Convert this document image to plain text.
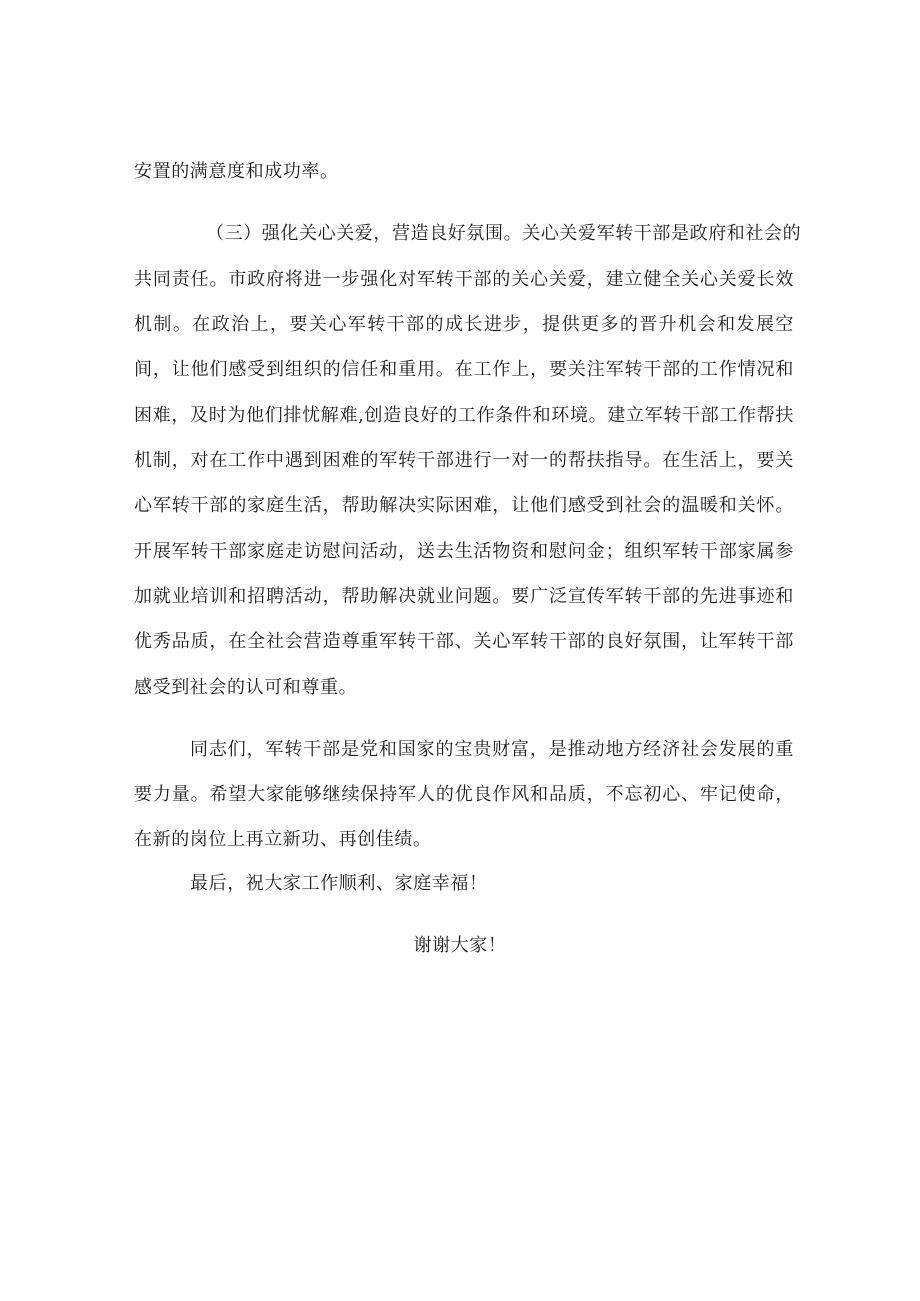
安置的满意度和成功率。
（三）强化关心关爱，营造良好氛围。关心关爱军转干部是政府和社会的
共同责任。市政府将进一步强化对军转干部的关心关爱，建立健全关心关爱长效
机制。在政治上，要关心军转干部的成长进步，提供更多的晋升机会和发展空
间，让他们感受到组织的信任和重用。在工作上，要关注军转干部的工作情况和
困难，及时为他们排忧解难,创造良好的工作条件和环境。建立军转干部工作帮扶
机制，对在工作中遇到困难的军转干部进行一对一的帮扶指导。在生活上，要关
心军转干部的家庭生活，帮助解决实际困难，让他们感受到社会的温暖和关怀。
开展军转干部家庭走访慰问活动，送去生活物资和慰问金；组织军转干部家属参
加就业培训和招聘活动，帮助解决就业问题。要广泛宣传军转干部的先进事迹和
优秀品质，在全社会营造尊重军转干部、关心军转干部的良好氛围，让军转干部
感受到社会的认可和尊重。
同志们，军转干部是党和国家的宝贵财富，是推动地方经济社会发展的重
要力量。希望大家能够继续保持军人的优良作风和品质，不忘初心、牢记使命，
在新的岗位上再立新功、再创佳绩。
最后，祝大家工作顺利、家庭幸福！
谢谢大家！
